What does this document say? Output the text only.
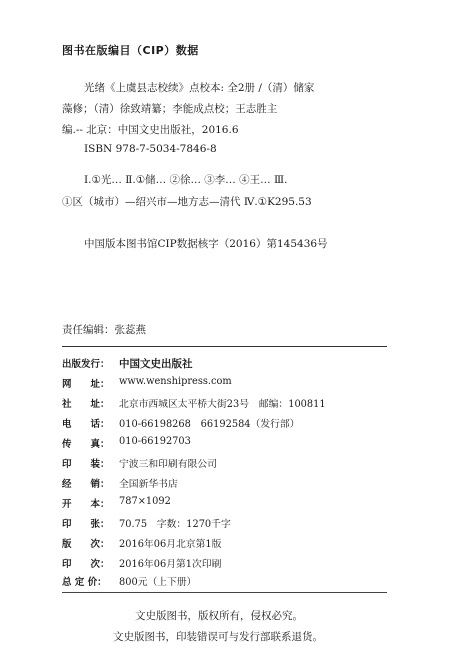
图书在版编目（CIP）数据
光绪《上虞县志校续》点校本: 全2册 /（清）储家
藻修；（清）徐致靖纂；李能成点校；王志胜主
编.-- 北京：中国文史出版社，2016.6
ISBN 978-7-5034-7846-8
Ⅰ.①光… Ⅱ.①储… ②徐… ③李… ④王… Ⅲ.
①区（城市）—绍兴市—地方志—清代 Ⅳ.①K295.53
中国版本图书馆CIP数据核字（2016）第145436号
责任编辑：张蕊燕
出版发行： 中国文史出版社
网　　址： www.wenshipress.com
社　　址： 北京市西城区太平桥大街23号　邮编：100811
电　　话： 010-66198268　66192584（发行部）
传　　真： 010-66192703
印　　装： 宁波三和印刷有限公司
经　　销： 全国新华书店
开　　本： 787×1092
印　　张： 70.75　字数：1270千字
版　　次： 2016年06月北京第1版
印　　次： 2016年06月第1次印刷
总 定 价： 800元（上下册）
文史版图书，版权所有，侵权必究。
文史版图书，印装错误可与发行部联系退货。
